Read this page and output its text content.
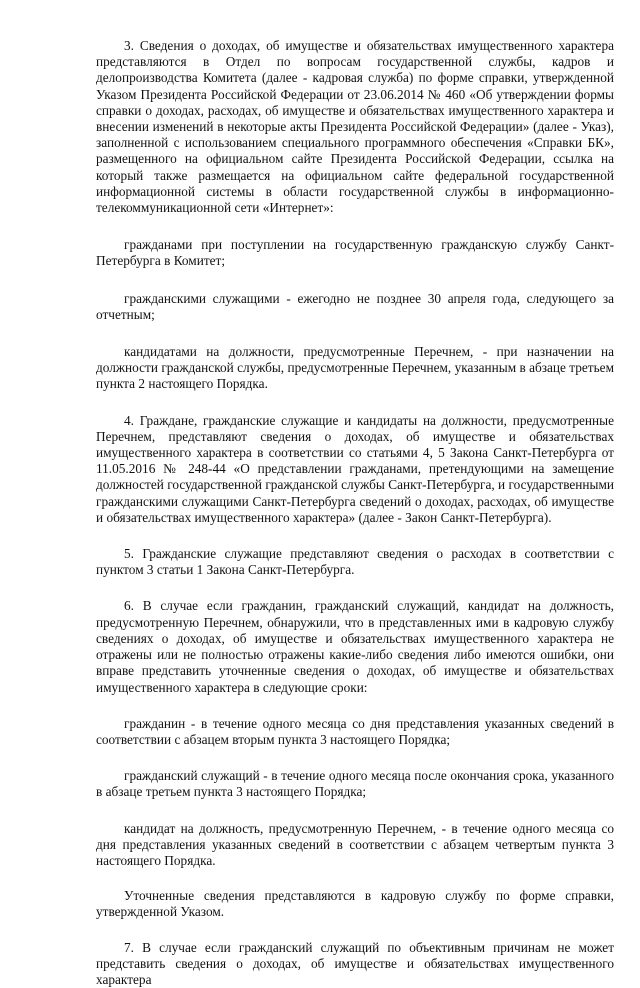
3. Сведения о доходах, об имуществе и обязательствах имущественного характера представляются в Отдел по вопросам государственной службы, кадров и делопроизводства Комитета (далее - кадровая служба) по форме справки, утвержденной Указом Президента Российской Федерации от 23.06.2014 № 460 «Об утверждении формы справки о доходах, расходах, об имуществе и обязательствах имущественного характера и внесении изменений в некоторые акты Президента Российской Федерации» (далее - Указ), заполненной с использованием специального программного обеспечения «Справки БК», размещенного на официальном сайте Президента Российской Федерации, ссылка на который также размещается на официальном сайте федеральной государственной информационной системы в области государственной службы в информационно-телекоммуникационной сети «Интернет»:

гражданами при поступлении на государственную гражданскую службу Санкт-Петербурга в Комитет;

гражданскими служащими - ежегодно не позднее 30 апреля года, следующего за отчетным;

кандидатами на должности, предусмотренные Перечнем, - при назначении на должности гражданской службы, предусмотренные Перечнем, указанным в абзаце третьем пункта 2 настоящего Порядка.

4. Граждане, гражданские служащие и кандидаты на должности, предусмотренные Перечнем, представляют сведения о доходах, об имуществе и обязательствах имущественного характера в соответствии со статьями 4, 5 Закона Санкт-Петербурга от 11.05.2016 № 248-44 «О представлении гражданами, претендующими на замещение должностей государственной гражданской службы Санкт-Петербурга, и государственными гражданскими служащими Санкт-Петербурга сведений о доходах, расходах, об имуществе и обязательствах имущественного характера» (далее - Закон Санкт-Петербурга).

5. Гражданские служащие представляют сведения о расходах в соответствии с пунктом 3 статьи 1 Закона Санкт-Петербурга.

6. В случае если гражданин, гражданский служащий, кандидат на должность, предусмотренную Перечнем, обнаружили, что в представленных ими в кадровую службу сведениях о доходах, об имуществе и обязательствах имущественного характера не отражены или не полностью отражены какие-либо сведения либо имеются ошибки, они вправе представить уточненные сведения о доходах, об имуществе и обязательствах имущественного характера в следующие сроки:

гражданин - в течение одного месяца со дня представления указанных сведений в соответствии с абзацем вторым пункта 3 настоящего Порядка;

гражданский служащий - в течение одного месяца после окончания срока, указанного в абзаце третьем пункта 3 настоящего Порядка;

кандидат на должность, предусмотренную Перечнем, - в течение одного месяца со дня представления указанных сведений в соответствии с абзацем четвертым пункта 3 настоящего Порядка.

Уточненные сведения представляются в кадровую службу по форме справки, утвержденной Указом.

7. В случае если гражданский служащий по объективным причинам не может представить сведения о доходах, об имуществе и обязательствах имущественного характера
